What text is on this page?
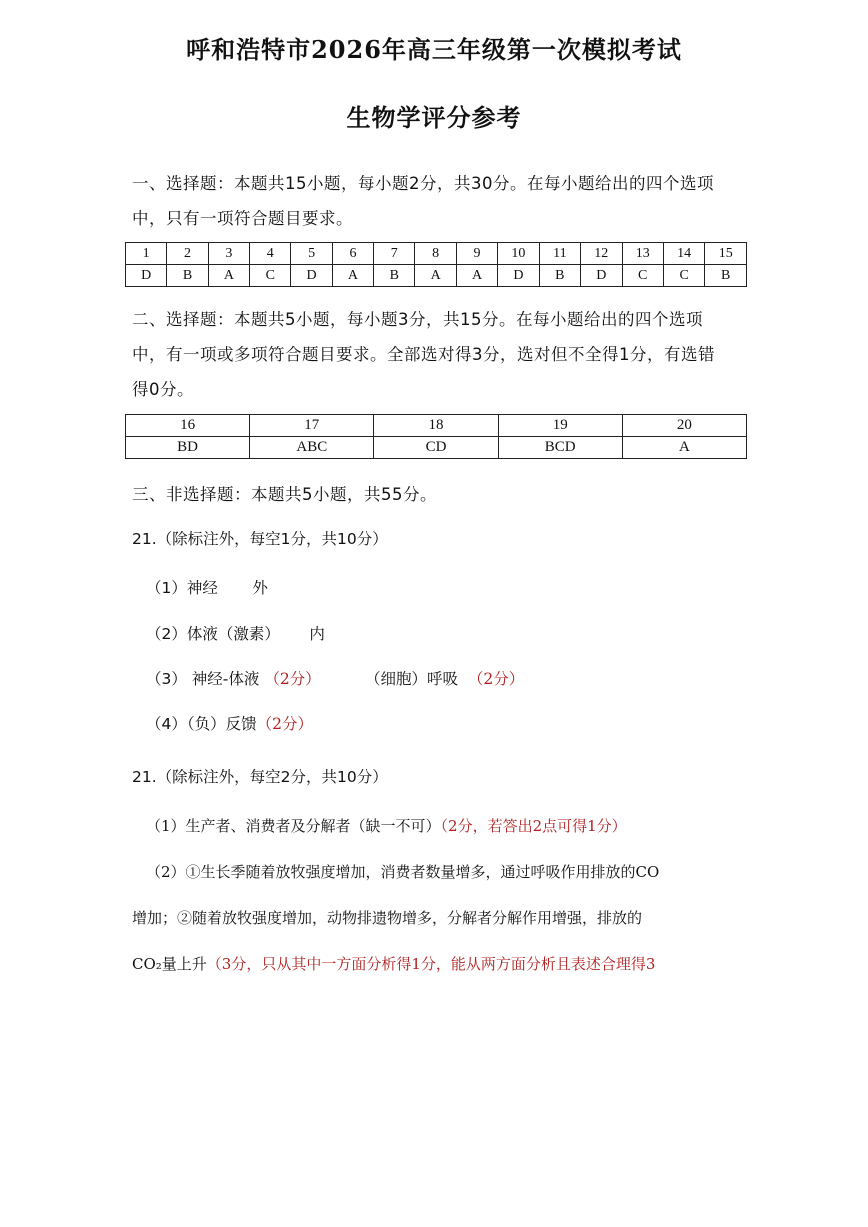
呼和浩特市2026年高三年级第一次模拟考试
生物学评分参考
一、选择题：本题共15小题，每小题2分，共30分。在每小题给出的四个选项
中，只有一项符合题目要求。
1	2	3	4	5	6	7	8	9	10	11	12	13	14	15
D	B	A	C	D	A	B	A	A	D	B	D	C	C	B
二、选择题：本题共5小题，每小题3分，共15分。在每小题给出的四个选项
中，有一项或多项符合题目要求。全部选对得3分，选对但不全得1分，有选错
得0分。
16	17	18	19	20
BD	ABC	CD	BCD	A
三、非选择题：本题共5小题，共55分。
21.（除标注外，每空1分，共10分）
（1）神经       外
（2）体液（激素）      内
（3） 神经-体液 （2分）         （细胞）呼吸  （2分）
（4）（负）反馈（2分）
21.（除标注外，每空2分，共10分）
（1）生产者、消费者及分解者（缺一不可）（2分，若答出2点可得1分）
（2）①生长季随着放牧强度增加，消费者数量增多，通过呼吸作用排放的CO
增加；②随着放牧强度增加，动物排遗物增多，分解者分解作用增强，排放的
CO₂量上升（3分，只从其中一方面分析得1分，能从两方面分析且表述合理得3
